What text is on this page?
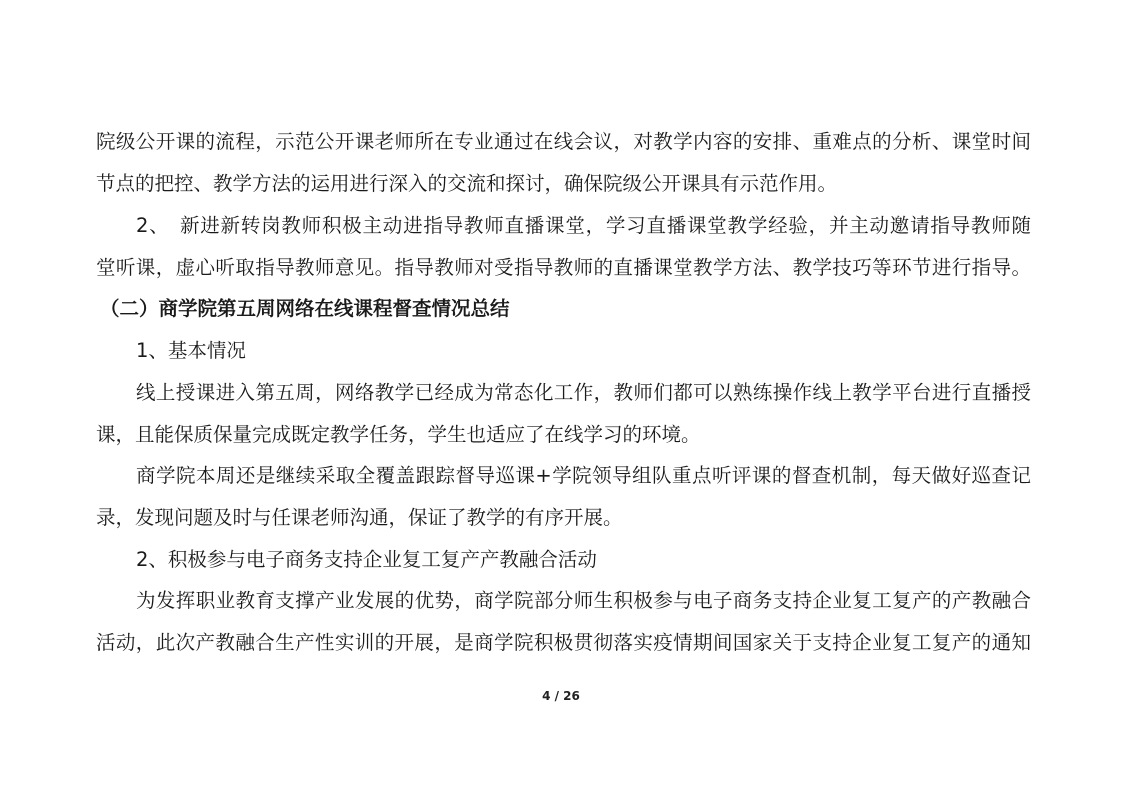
院级公开课的流程，示范公开课老师所在专业通过在线会议，对教学内容的安排、重难点的分析、课堂时间
节点的把控、教学方法的运用进行深入的交流和探讨，确保院级公开课具有示范作用。
2、　新进新转岗教师积极主动进指导教师直播课堂，学习直播课堂教学经验，并主动邀请指导教师随
堂听课，虚心听取指导教师意见。指导教师对受指导教师的直播课堂教学方法、教学技巧等环节进行指导。
（二）商学院第五周网络在线课程督查情况总结
1、基本情况
线上授课进入第五周，网络教学已经成为常态化工作，教师们都可以熟练操作线上教学平台进行直播授
课，且能保质保量完成既定教学任务，学生也适应了在线学习的环境。
商学院本周还是继续采取全覆盖跟踪督导巡课+学院领导组队重点听评课的督查机制，每天做好巡查记
录，发现问题及时与任课老师沟通，保证了教学的有序开展。
2、积极参与电子商务支持企业复工复产产教融合活动
为发挥职业教育支撑产业发展的优势，商学院部分师生积极参与电子商务支持企业复工复产的产教融合
活动，此次产教融合生产性实训的开展，是商学院积极贯彻落实疫情期间国家关于支持企业复工复产的通知
4 / 26
